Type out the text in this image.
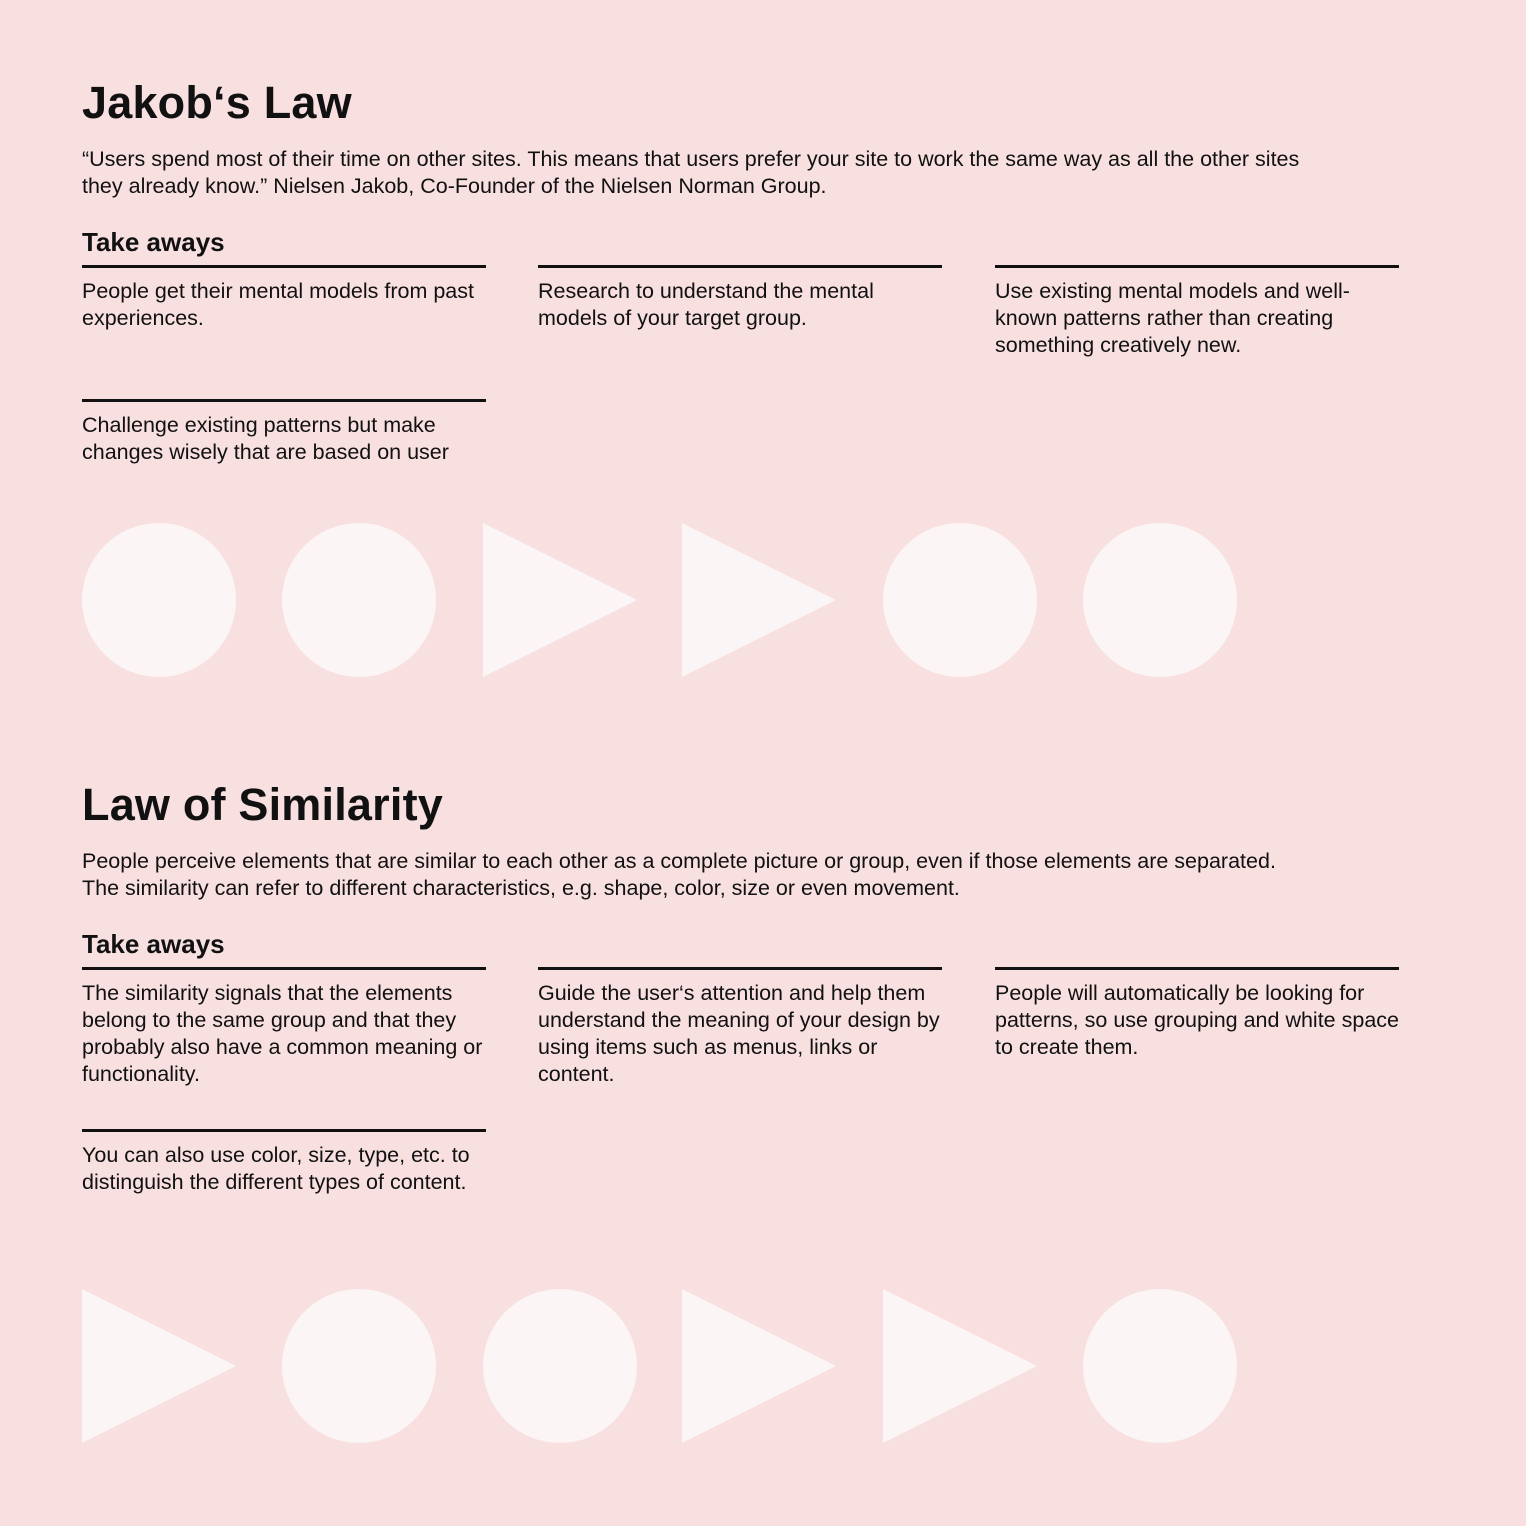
Jakob‘s Law

“Users spend most of their time on other sites. This means that users prefer your site to work the same way as all the other sites
they already know.” Nielsen Jakob, Co-Founder of the Nielsen Norman Group.

Take aways
People get their mental models from past experiences.
Research to understand the mental models of your target group.
Use existing mental models and well-known patterns rather than creating something creatively new.
Challenge existing patterns but make changes wisely that are based on user
Law of Similarity

People perceive elements that are similar to each other as a complete picture or group, even if those elements are separated.
The similarity can refer to different characteristics, e.g. shape, color, size or even movement.

Take aways
The similarity signals that the elements belong to the same group and that they probably also have a common meaning or functionality.
Guide the user‘s attention and help them understand the meaning of your design by using items such as menus, links or content.
People will automatically be looking for patterns, so use grouping and white space to create them.
You can also use color, size, type, etc. to distinguish the different types of content.
